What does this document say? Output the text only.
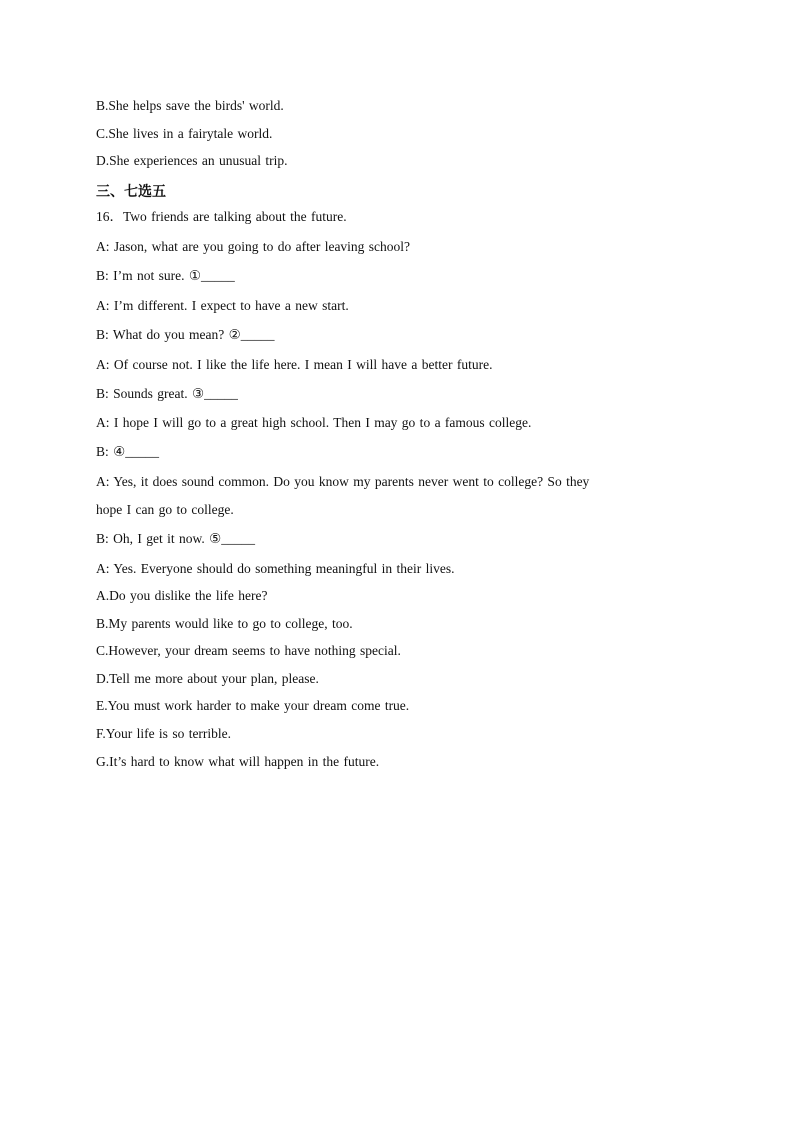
B.She helps save the birds' world.
C.She lives in a fairytale world.
D.She experiences an unusual trip.
三、七选五
16．Two friends are talking about the future.
A: Jason, what are you going to do after leaving school?
B: I’m not sure. ①_____
A: I’m different. I expect to have a new start.
B: What do you mean? ②_____
A: Of course not. I like the life here. I mean I will have a better future.
B: Sounds great. ③_____
A: I hope I will go to a great high school. Then I may go to a famous college.
B: ④_____
A: Yes, it does sound common. Do you know my parents never went to college? So they
hope I can go to college.
B: Oh, I get it now. ⑤_____
A: Yes. Everyone should do something meaningful in their lives.
A.Do you dislike the life here?
B.My parents would like to go to college, too.
C.However, your dream seems to have nothing special.
D.Tell me more about your plan, please.
E.You must work harder to make your dream come true.
F.Your life is so terrible.
G.It’s hard to know what will happen in the future.
